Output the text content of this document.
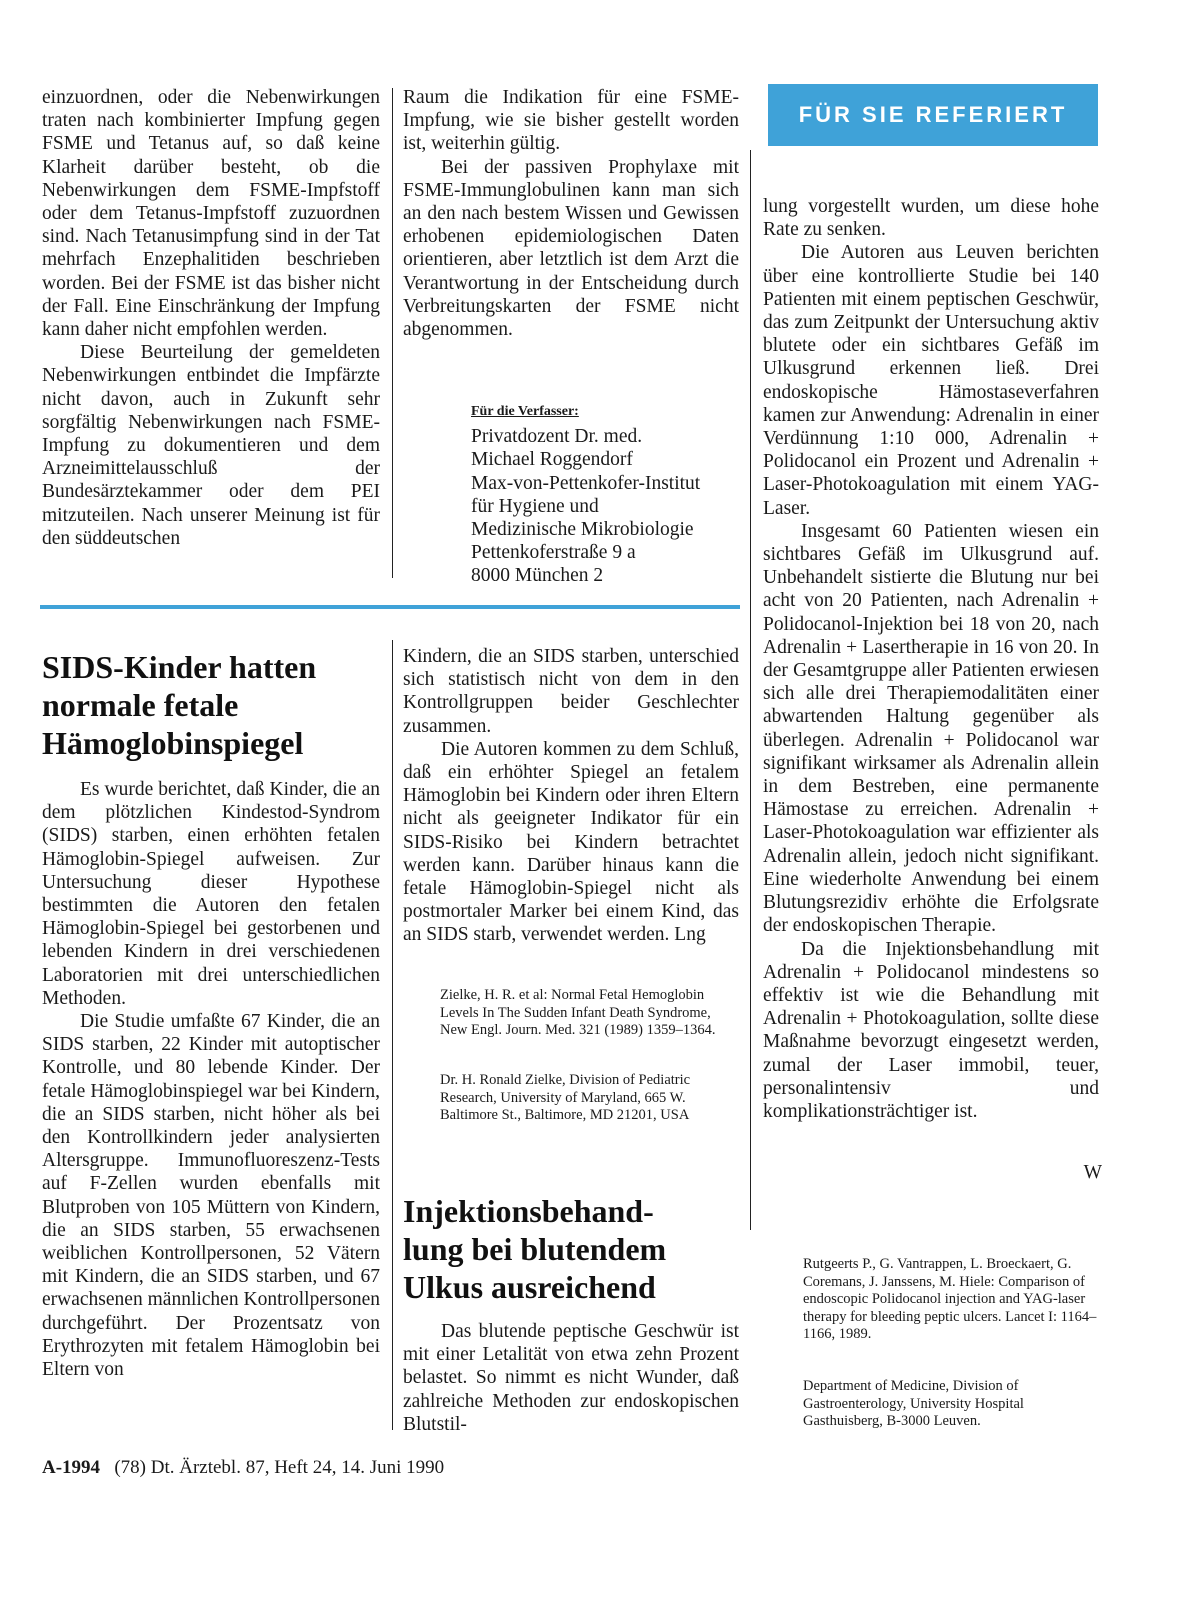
einzuordnen, oder die Nebenwirkungen traten nach kombinierter Impfung gegen FSME und Tetanus auf, so daß keine Klarheit darüber besteht, ob die Nebenwirkungen dem FSME-Impfstoff oder dem Tetanus-Impfstoff zuzuordnen sind. Nach Tetanusimpfung sind in der Tat mehrfach Enzephalitiden beschrieben worden. Bei der FSME ist das bisher nicht der Fall. Eine Einschränkung der Impfung kann daher nicht empfohlen werden.

Diese Beurteilung der gemeldeten Nebenwirkungen entbindet die Impfärzte nicht davon, auch in Zukunft sehr sorgfältig Nebenwirkungen nach FSME-Impfung zu dokumentieren und dem Arzneimittelausschluß der Bundesärztekammer oder dem PEI mitzuteilen. Nach unserer Meinung ist für den süddeutschen

Raum die Indikation für eine FSME-Impfung, wie sie bisher gestellt worden ist, weiterhin gültig.

Bei der passiven Prophylaxe mit FSME-Immunglobulinen kann man sich an den nach bestem Wissen und Gewissen erhobenen epidemiologischen Daten orientieren, aber letztlich ist dem Arzt die Verantwortung in der Entscheidung durch Verbreitungskarten der FSME nicht abgenommen.

Für die Verfasser:
Privatdozent Dr. med.
Michael Roggendorf
Max-von-Pettenkofer-Institut
für Hygiene und
Medizinische Mikrobiologie
Pettenkoferstraße 9 a
8000 München 2
FÜR SIE REFERIERT
SIDS-Kinder hatten
normale fetale
Hämoglobinspiegel

Es wurde berichtet, daß Kinder, die an dem plötzlichen Kindestod-Syndrom (SIDS) starben, einen erhöhten fetalen Hämoglobin-Spiegel aufweisen. Zur Untersuchung dieser Hypothese bestimmten die Autoren den fetalen Hämoglobin-Spiegel bei gestorbenen und lebenden Kindern in drei verschiedenen Laboratorien mit drei unterschiedlichen Methoden.

Die Studie umfaßte 67 Kinder, die an SIDS starben, 22 Kinder mit autoptischer Kontrolle, und 80 lebende Kinder. Der fetale Hämoglobinspiegel war bei Kindern, die an SIDS starben, nicht höher als bei den Kontrollkindern jeder analysierten Altersgruppe. Immunofluoreszenz-Tests auf F-Zellen wurden ebenfalls mit Blutproben von 105 Müttern von Kindern, die an SIDS starben, 55 erwachsenen weiblichen Kontrollpersonen, 52 Vätern mit Kindern, die an SIDS starben, und 67 erwachsenen männlichen Kontrollpersonen durchgeführt. Der Prozentsatz von Erythrozyten mit fetalem Hämoglobin bei Eltern von

Kindern, die an SIDS starben, unterschied sich statistisch nicht von dem in den Kontrollgruppen beider Geschlechter zusammen.

Die Autoren kommen zu dem Schluß, daß ein erhöhter Spiegel an fetalem Hämoglobin bei Kindern oder ihren Eltern nicht als geeigneter Indikator für ein SIDS-Risiko bei Kindern betrachtet werden kann. Darüber hinaus kann die fetale Hämoglobin-Spiegel nicht als postmortaler Marker bei einem Kind, das an SIDS starb, verwendet werden. Lng

Zielke, H. R. et al: Normal Fetal Hemoglobin Levels In The Sudden Infant Death Syndrome, New Engl. Journ. Med. 321 (1989) 1359–1364.
Dr. H. Ronald Zielke, Division of Pediatric Research, University of Maryland, 665 W. Baltimore St., Baltimore, MD 21201, USA
Injektionsbehand-
lung bei blutendem
Ulkus ausreichend

Das blutende peptische Geschwür ist mit einer Letalität von etwa zehn Prozent belastet. So nimmt es nicht Wunder, daß zahlreiche Methoden zur endoskopischen Blutstil-

lung vorgestellt wurden, um diese hohe Rate zu senken.

Die Autoren aus Leuven berichten über eine kontrollierte Studie bei 140 Patienten mit einem peptischen Geschwür, das zum Zeitpunkt der Untersuchung aktiv blutete oder ein sichtbares Gefäß im Ulkusgrund erkennen ließ. Drei endoskopische Hämostaseverfahren kamen zur Anwendung: Adrenalin in einer Verdünnung 1:10 000, Adrenalin + Polidocanol ein Prozent und Adrenalin + Laser-Photokoagulation mit einem YAG-Laser.

Insgesamt 60 Patienten wiesen ein sichtbares Gefäß im Ulkusgrund auf. Unbehandelt sistierte die Blutung nur bei acht von 20 Patienten, nach Adrenalin + Polidocanol-Injektion bei 18 von 20, nach Adrenalin + Lasertherapie in 16 von 20. In der Gesamtgruppe aller Patienten erwiesen sich alle drei Therapiemodalitäten einer abwartenden Haltung gegenüber als überlegen. Adrenalin + Polidocanol war signifikant wirksamer als Adrenalin allein in dem Bestreben, eine permanente Hämostase zu erreichen. Adrenalin + Laser-Photokoagulation war effizienter als Adrenalin allein, jedoch nicht signifikant. Eine wiederholte Anwendung bei einem Blutungsrezidiv erhöhte die Erfolgsrate der endoskopischen Therapie.

Da die Injektionsbehandlung mit Adrenalin + Polidocanol mindestens so effektiv ist wie die Behandlung mit Adrenalin + Photokoagulation, sollte diese Maßnahme bevorzugt eingesetzt werden, zumal der Laser immobil, teuer, personalintensiv und komplikationsträchtiger ist.

W
Rutgeerts P., G. Vantrappen, L. Broeckaert, G. Coremans, J. Janssens, M. Hiele: Comparison of endoscopic Polidocanol injection and YAG-laser therapy for bleeding peptic ulcers. Lancet I: 1164–1166, 1989.
Department of Medicine, Division of Gastroenterology, University Hospital Gasthuisberg, B-3000 Leuven.
A-1994 (78) Dt. Ärztebl. 87, Heft 24, 14. Juni 1990
